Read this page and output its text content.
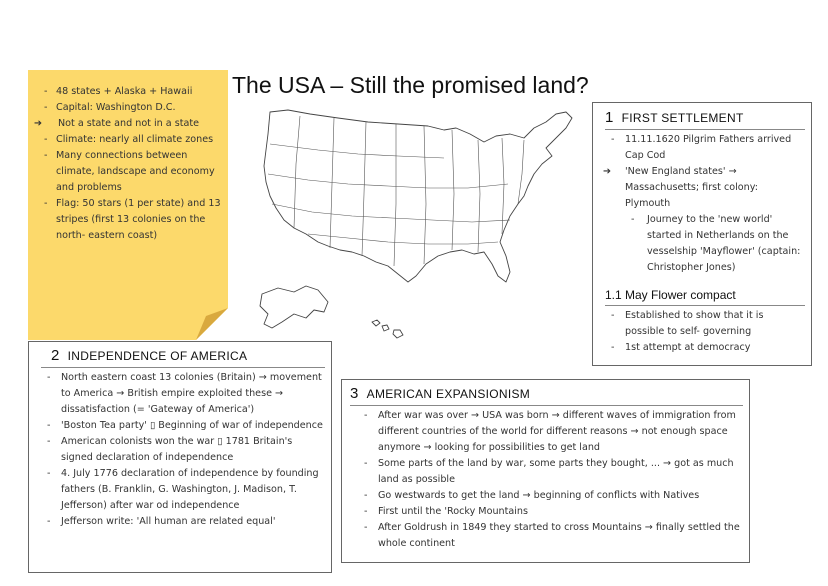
The USA – Still the promised land?
- 48 states + Alaska + Hawaii
- Capital: Washington D.C.
➔ Not a state and not in a state
- Climate: nearly all climate zones
- Many connections between climate, landscape and economy and problems
- Flag: 50 stars (1 per state) and 13 stripes (first 13 colonies on the north- eastern coast)
1 FIRST SETTLEMENT
- 11.11.1620 Pilgrim Fathers arrived Cap Cod
➔ 'New England states' → Massachusetts; first colony: Plymouth
- Journey to the 'new world' started in Netherlands on the vesselship 'Mayflower' (captain: Christopher Jones)
1.1 May Flower compact
- Established to show that it is possible to self- governing
- 1st attempt at democracy
2 INDEPENDENCE OF AMERICA
- North eastern coast 13 colonies (Britain) → movement to America → British empire exploited these → dissatisfaction (= 'Gateway of America')
- 'Boston Tea party' ▯ Beginning of war of independence
- American colonists won the war ▯ 1781 Britain's signed declaration of independence
- 4. July 1776 declaration of independence by founding fathers (B. Franklin, G. Washington, J. Madison, T. Jefferson) after war od independence
- Jefferson write: 'All human are related equal'
3 AMERICAN EXPANSIONISM
- After war was over → USA was born → different waves of immigration from different countries of the world for different reasons → not enough space anymore → looking for possibilities to get land
- Some parts of the land by war, some parts they bought, ... → got as much land as possible
- Go westwards to get the land → beginning of conflicts with Natives
- First until the 'Rocky Mountains
- After Goldrush in 1849 they started to cross Mountains → finally settled the whole continent
